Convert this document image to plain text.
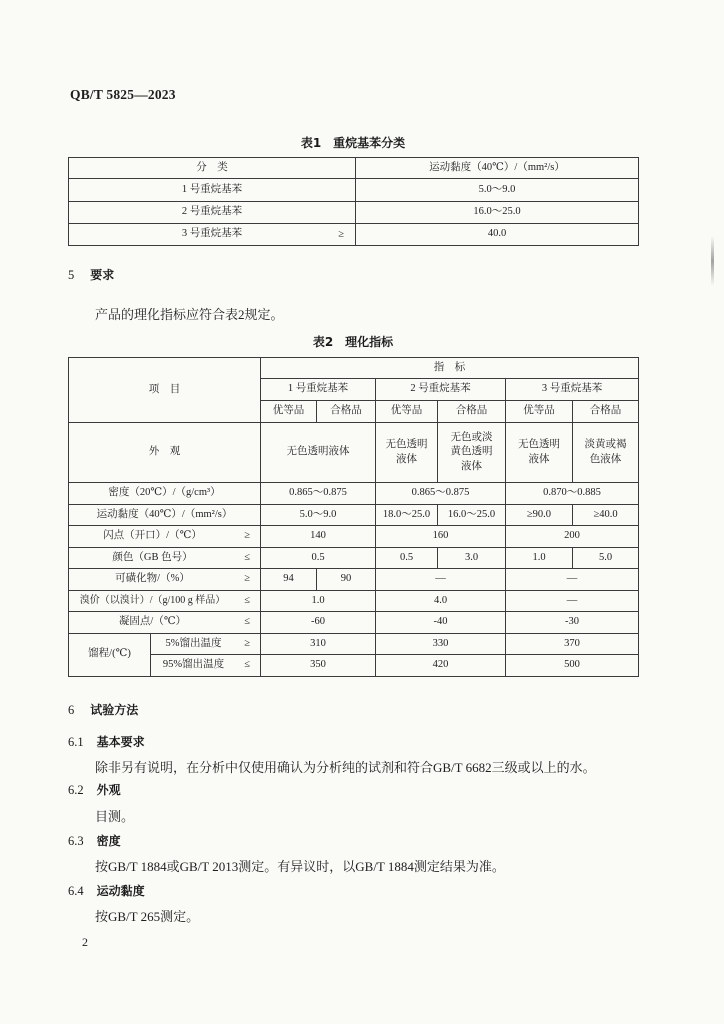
QB/T 5825—2023
表1　重烷基苯分类
分　类	运动黏度（40℃）/（mm²/s）
1 号重烷基苯	5.0～9.0
2 号重烷基苯	16.0～25.0
3 号重烷基苯 ≥	40.0
5 要求
产品的理化指标应符合表2规定。
表2　理化指标
项　目		指　标					
		1 号重烷基苯		2 号重烷基苯		3 号重烷基苯	
		优等品	合格品	优等品	合格品	优等品	合格品
外　观		无色透明液体		无色透明液体	无色或淡黄色透明液体	无色透明液体	淡黄或褐色液体
密度（20℃）/（g/cm³）		0.865～0.875		0.865～0.875		0.870～0.885	
运动黏度（40℃）/（mm²/s）		5.0～9.0		18.0～25.0	16.0～25.0	≥90.0	≥40.0
闪点（开口）/（℃） ≥		140		160		200	
颜色（GB 色号） ≤		0.5		0.5	3.0	1.0	5.0
可磺化物/（%） ≥		94	90	—		—	
溴价（以溴计）/（g/100 g 样品） ≤		1.0		4.0		—	
凝固点/（℃） ≤		-60		-40		-30	
馏程/(℃)	5%馏出温度 ≥	310		330		370	
	95%馏出温度 ≤	350		420		500	
6 试验方法
6.1 基本要求
除非另有说明，在分析中仅使用确认为分析纯的试剂和符合GB/T 6682三级或以上的水。
6.2 外观
目测。
6.3 密度
按GB/T 1884或GB/T 2013测定。有异议时，以GB/T 1884测定结果为准。
6.4 运动黏度
按GB/T 265测定。
2
